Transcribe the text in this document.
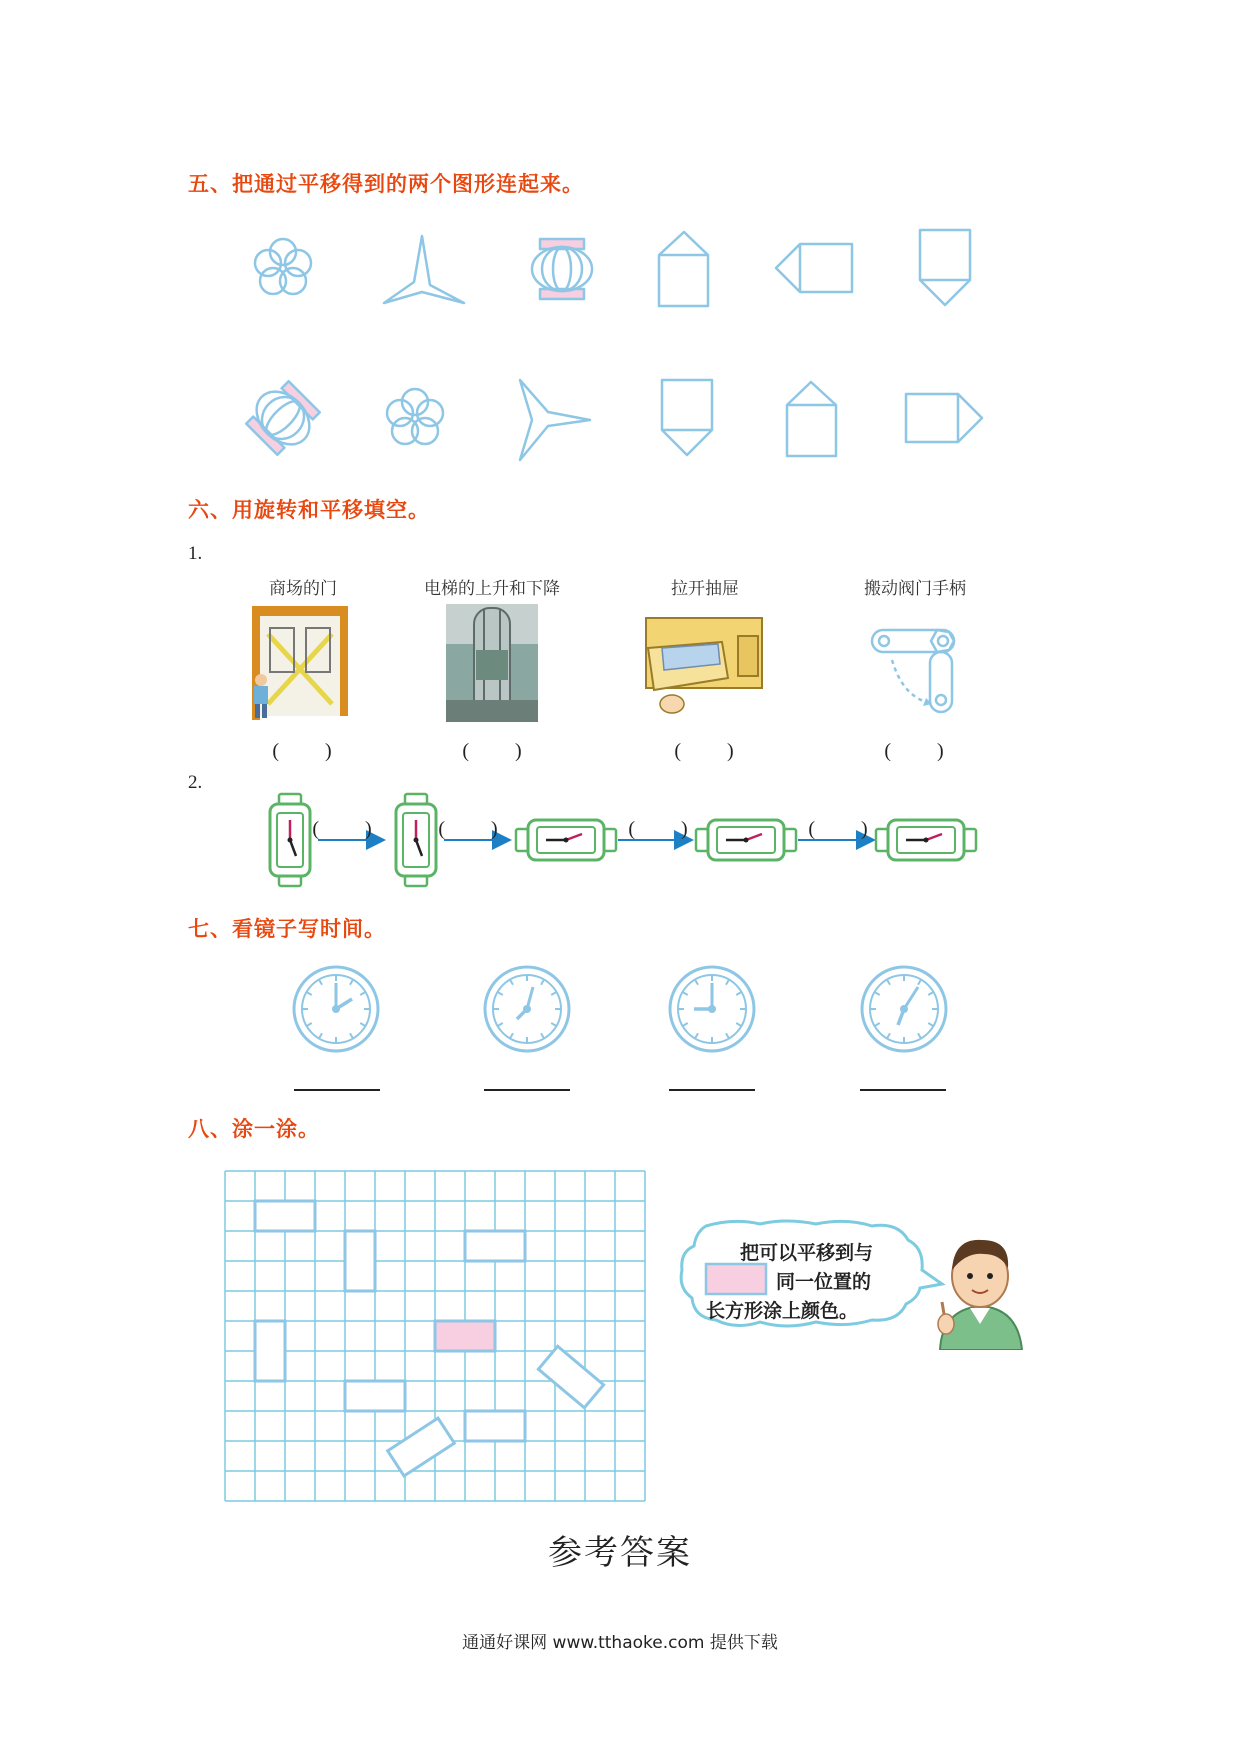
五、把通过平移得到的两个图形连起来。
六、用旋转和平移填空。
1.
商场的门	电梯的上升和下降	拉开抽屉	搬动阀门手柄
(　　)	(　　)	(　　)	(　　)
2.
(　　)	(　　)	(　　)	(　　)
七、看镜子写时间。
八、涂一涂。
把可以平移到与
同一位置的
长方形涂上颜色。
参考答案
通通好课网 www.tthaoke.com 提供下载
